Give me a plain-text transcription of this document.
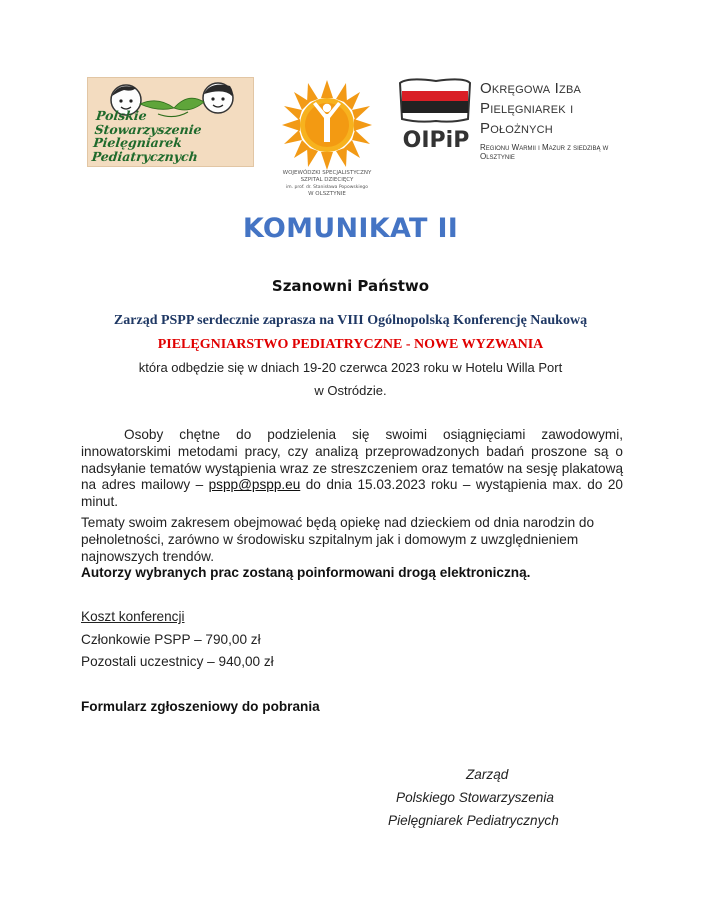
Polskie
Stowarzyszenie
Pielęgniarek
Pediatrycznych
WOJEWÓDZKI SPECJALISTYCZNY
SZPITAL DZIECIĘCY
im. prof. dr. Stanisława Popowskiego
W OLSZTYNIE
OIPiP
Okręgowa Izba
Pielęgniarek i Położnych
Regionu Warmii i Mazur z siedzibą w Olsztynie
KOMUNIKAT II
Szanowni Państwo
Zarząd PSPP serdecznie zaprasza na VIII Ogólnopolską Konferencję Naukową
PIELĘGNIARSTWO PEDIATRYCZNE - NOWE WYZWANIA
która odbędzie się w dniach 19-20 czerwca 2023 roku w Hotelu Willa Port
w Ostródzie.
Osoby chętne do podzielenia się swoimi osiągnięciami zawodowymi, innowatorskimi metodami pracy, czy analizą przeprowadzonych badań proszone są o nadsyłanie tematów wystąpienia wraz ze streszczeniem oraz tematów na sesję plakatową na adres mailowy – pspp@pspp.eu do dnia 15.03.2023 roku – wystąpienia max. do 20 minut.
Tematy swoim zakresem obejmować będą opiekę nad dzieckiem od dnia narodzin do pełnoletności, zarówno w środowisku szpitalnym jak i domowym z uwzględnieniem najnowszych trendów.
Autorzy wybranych prac zostaną poinformowani drogą elektroniczną.
Koszt konferencji
Członkowie PSPP – 790,00 zł
Pozostali uczestnicy – 940,00 zł
Formularz zgłoszeniowy do pobrania
Zarząd
Polskiego Stowarzyszenia
Pielęgniarek Pediatrycznych
